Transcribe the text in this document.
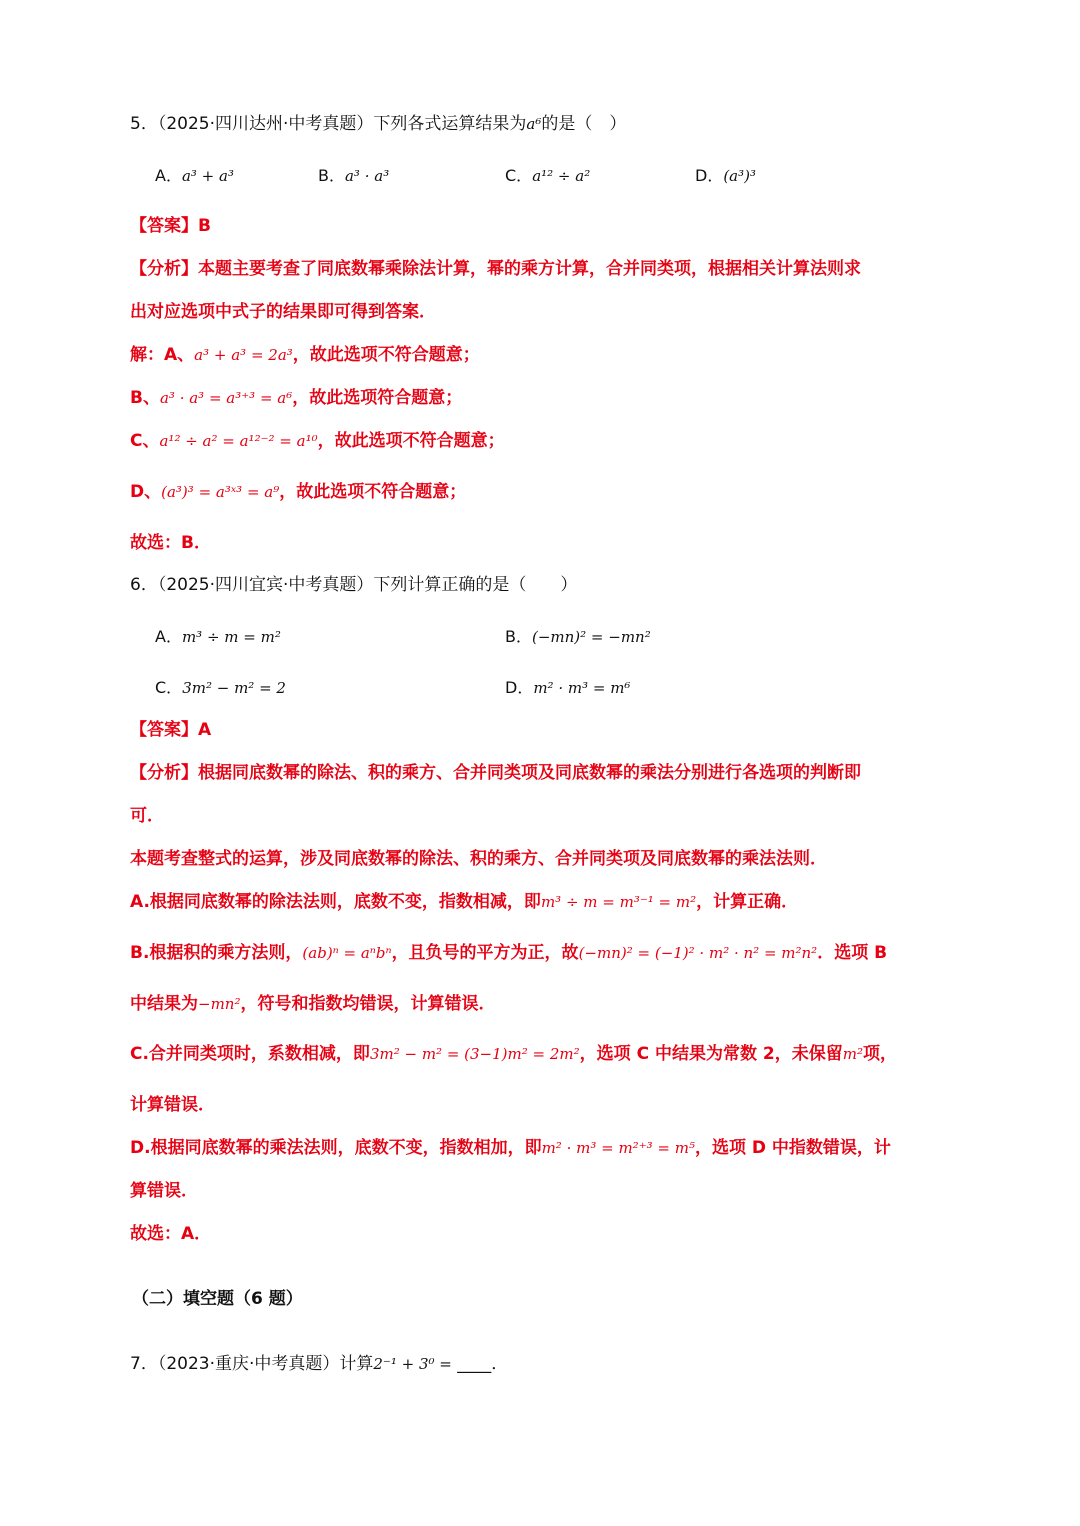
5．（2025·四川达州·中考真题）下列各式运算结果为a⁶的是（　）
A．a³ + a³	B．a³ · a³	C．a¹² ÷ a²	D．(a³)³
【答案】B
【分析】本题主要考查了同底数幂乘除法计算，幂的乘方计算，合并同类项，根据相关计算法则求
出对应选项中式子的结果即可得到答案．
解：A、a³ + a³ = 2a³，故此选项不符合题意；
B、a³ · a³ = a³⁺³ = a⁶，故此选项符合题意；
C、a¹² ÷ a² = a¹²⁻² = a¹⁰，故此选项不符合题意；
D、(a³)³ = a³ˣ³ = a⁹，故此选项不符合题意；
故选：B．
6．（2025·四川宜宾·中考真题）下列计算正确的是（　　）
A．m³ ÷ m = m²	B．(−mn)² = −mn²
C．3m² − m² = 2	D．m² · m³ = m⁶
【答案】A
【分析】根据同底数幂的除法、积的乘方、合并同类项及同底数幂的乘法分别进行各选项的判断即
可．
本题考查整式的运算，涉及同底数幂的除法、积的乘方、合并同类项及同底数幂的乘法法则．
A.根据同底数幂的除法法则，底数不变，指数相减，即m³ ÷ m = m³⁻¹ = m²，计算正确．
B.根据积的乘方法则，(ab)ⁿ = aⁿbⁿ，且负号的平方为正，故(−mn)² = (−1)² · m² · n² = m²n²．选项 B
中结果为−mn²，符号和指数均错误，计算错误．
C.合并同类项时，系数相减，即3m² − m² = (3−1)m² = 2m²，选项 C 中结果为常数 2，未保留m²项，
计算错误．
D.根据同底数幂的乘法法则，底数不变，指数相加，即m² · m³ = m²⁺³ = m⁵，选项 D 中指数错误，计
算错误．
故选：A．
（二）填空题（6 题）
7．（2023·重庆·中考真题）计算2⁻¹ + 3⁰ = ____．
